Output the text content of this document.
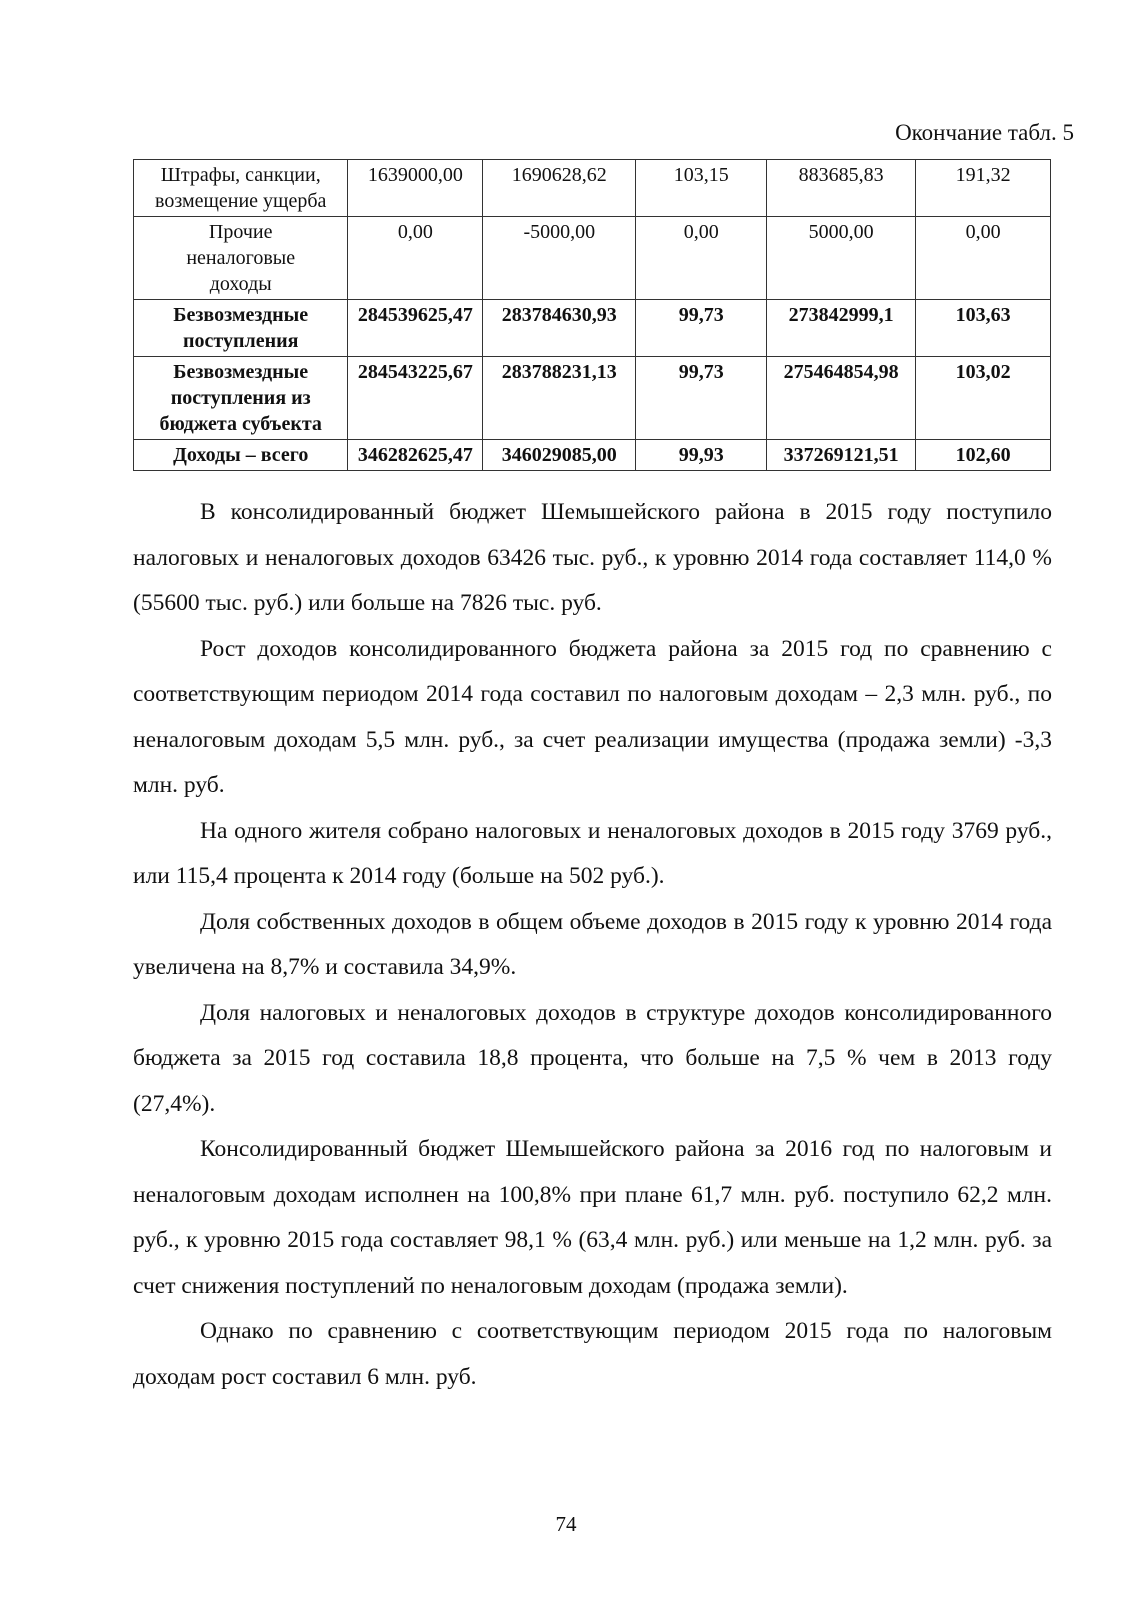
Окончание табл. 5
Штрафы, санкции, возмещение ущерба	1639000,00	1690628,62	103,15	883685,83	191,32
Прочие неналоговые доходы	0,00	-5000,00	0,00	5000,00	0,00
Безвозмездные поступления	284539625,47	283784630,93	99,73	273842999,1	103,63
Безвозмездные поступления из бюджета субъекта	284543225,67	283788231,13	99,73	275464854,98	103,02
Доходы – всего	346282625,47	346029085,00	99,93	337269121,51	102,60

В консолидированный бюджет Шемышейского района в 2015 году поступило налоговых и неналоговых доходов 63426 тыс. руб., к уровню 2014 года составляет 114,0 % (55600 тыс. руб.) или больше на 7826 тыс. руб.

Рост доходов консолидированного бюджета района за 2015 год по сравнению с соответствующим периодом 2014 года составил по налоговым доходам – 2,3 млн. руб., по неналоговым доходам 5,5 млн. руб., за счет реализации имущества (продажа земли) -3,3 млн. руб.

На одного жителя собрано налоговых и неналоговых доходов в 2015 году 3769 руб., или 115,4 процента к 2014 году (больше на 502 руб.).

Доля собственных доходов в общем объеме доходов в 2015 году к уровню 2014 года увеличена на 8,7% и составила 34,9%.

Доля налоговых и неналоговых доходов в структуре доходов консолидированного бюджета за 2015 год составила 18,8 процента, что больше на 7,5 % чем в 2013 году (27,4%).

Консолидированный бюджет Шемышейского района за 2016 год по налоговым и неналоговым доходам исполнен на 100,8% при плане 61,7 млн. руб. поступило 62,2 млн. руб., к уровню 2015 года составляет 98,1 % (63,4 млн. руб.) или меньше на 1,2 млн. руб. за счет снижения поступлений по неналоговым доходам (продажа земли).

Однако по сравнению с соответствующим периодом 2015 года по налоговым доходам рост составил 6 млн. руб.

74
